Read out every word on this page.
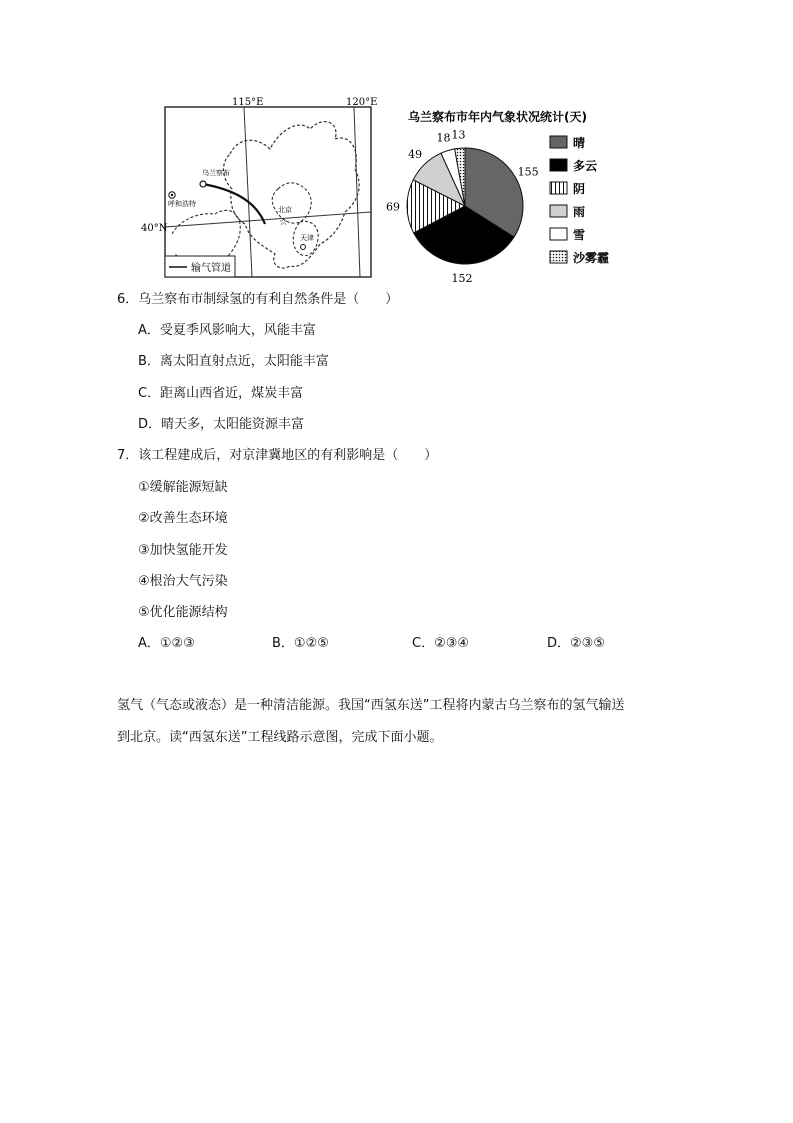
115°E	120°E
乌兰察布
呼和浩特
☆
北京
天津
40°N
输气管道
乌兰察布市年内气象状况统计(天)
155
152
69
49
18 13
晴
多云
阴
雨
雪
沙雾霾
6．乌兰察布市制绿氢的有利自然条件是（　　）
A．受夏季风影响大，风能丰富
B．离太阳直射点近，太阳能丰富
C．距离山西省近，煤炭丰富
D．晴天多，太阳能资源丰富
7．该工程建成后，对京津冀地区的有利影响是（　　）
①缓解能源短缺
②改善生态环境
③加快氢能开发
④根治大气污染
⑤优化能源结构
A．①②③	B．①②⑤	C．②③④	D．②③⑤
氢气（气态或液态）是一种清洁能源。我国“西氢东送”工程将内蒙古乌兰察布的氢气输送
到北京。读“西氢东送”工程线路示意图，完成下面小题。
